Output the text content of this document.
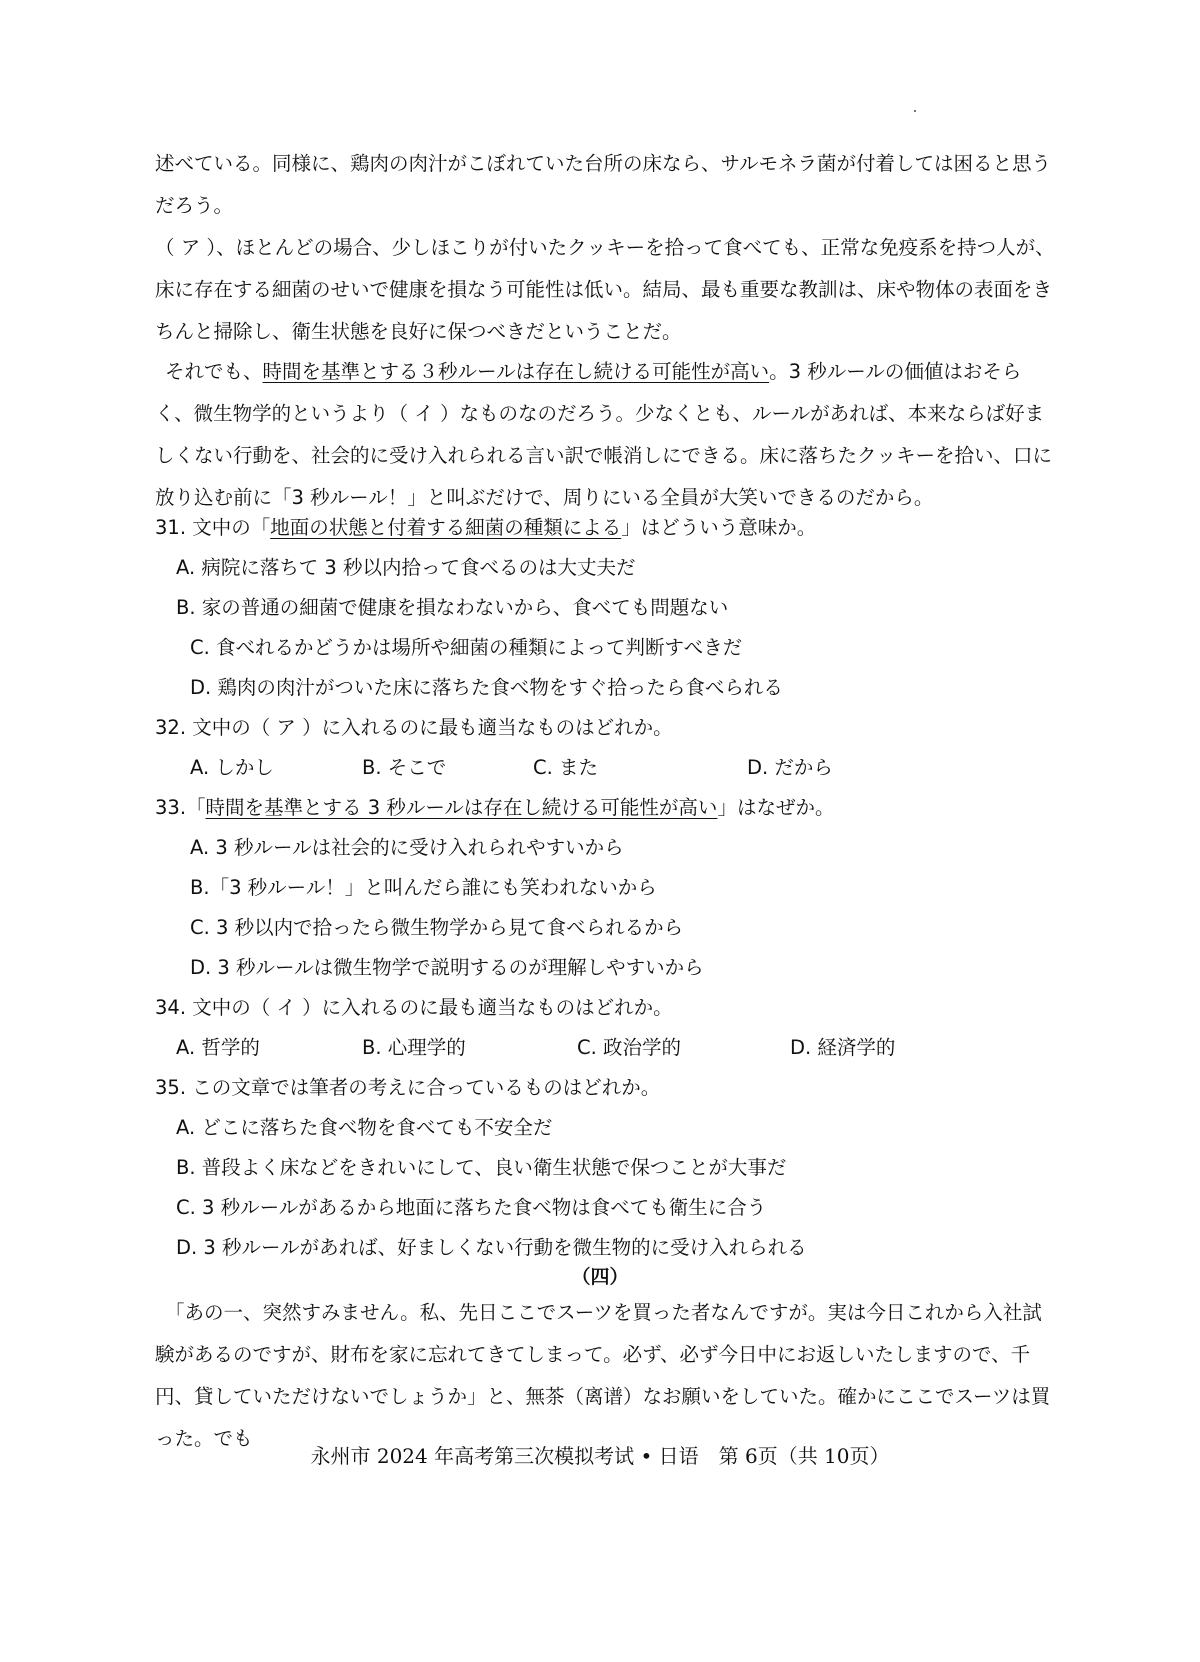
述べている。同様に、鶏肉の肉汁がこぼれていた台所の床なら、サルモネラ菌が付着しては困ると思う
だろう。

（ ア ）、ほとんどの場合、少しほこりが付いたクッキーを拾って食べても、正常な免疫系を持つ人が、床に存在する細菌のせいで健康を損なう可能性は低い。結局、最も重要な教訓は、床や物体の表面をきちんと掃除し、衛生状態を良好に保つべきだということだ。

それでも、時間を基準とする３秒ルールは存在し続ける可能性が高い。3 秒ルールの価値はおそらく、微生物学的というより（ イ ）なものなのだろう。少なくとも、ルールがあれば、本来ならば好ましくない行動を、社会的に受け入れられる言い訳で帳消しにできる。床に落ちたクッキーを拾い、口に放り込む前に「3 秒ルール！」と叫ぶだけで、周りにいる全員が大笑いできるのだから。

31. 文中の「地面の状態と付着する細菌の種類による」はどういう意味か。
A. 病院に落ちて 3 秒以内拾って食べるのは大丈夫だ
B. 家の普通の細菌で健康を損なわないから、食べても問題ない
C. 食べれるかどうかは場所や細菌の種類によって判断すべきだ
D. 鶏肉の肉汁がついた床に落ちた食べ物をすぐ拾ったら食べられる
32. 文中の（ ア ）に入れるのに最も適当なものはどれか。
A. しかし	B. そこで	C. また	D. だから
33.「時間を基準とする 3 秒ルールは存在し続ける可能性が高い」はなぜか。
A. 3 秒ルールは社会的に受け入れられやすいから
B.「3 秒ルール！」と叫んだら誰にも笑われないから
C. 3 秒以内で拾ったら微生物学から見て食べられるから
D. 3 秒ルールは微生物学で説明するのが理解しやすいから
34. 文中の（ イ ）に入れるのに最も適当なものはどれか。
A. 哲学的	B. 心理学的	C. 政治学的	D. 経済学的
35. この文章では筆者の考えに合っているものはどれか。
A. どこに落ちた食べ物を食べても不安全だ
B. 普段よく床などをきれいにして、良い衛生状態で保つことが大事だ
C. 3 秒ルールがあるから地面に落ちた食べ物は食べても衛生に合う
D. 3 秒ルールがあれば、好ましくない行動を微生物的に受け入れられる
（四）

「あの一、突然すみません。私、先日ここでスーツを買った者なんですが。実は今日これから入社試験があるのですが、財布を家に忘れてきてしまって。必ず、必ず今日中にお返しいたしますので、千円、貸していただけないでしょうか」と、無茶（离谱）なお願いをしていた。確かにここでスーツは買った。でも

永州市 2024 年高考第三次模拟考试 • 日语　第 6页（共 10页）
